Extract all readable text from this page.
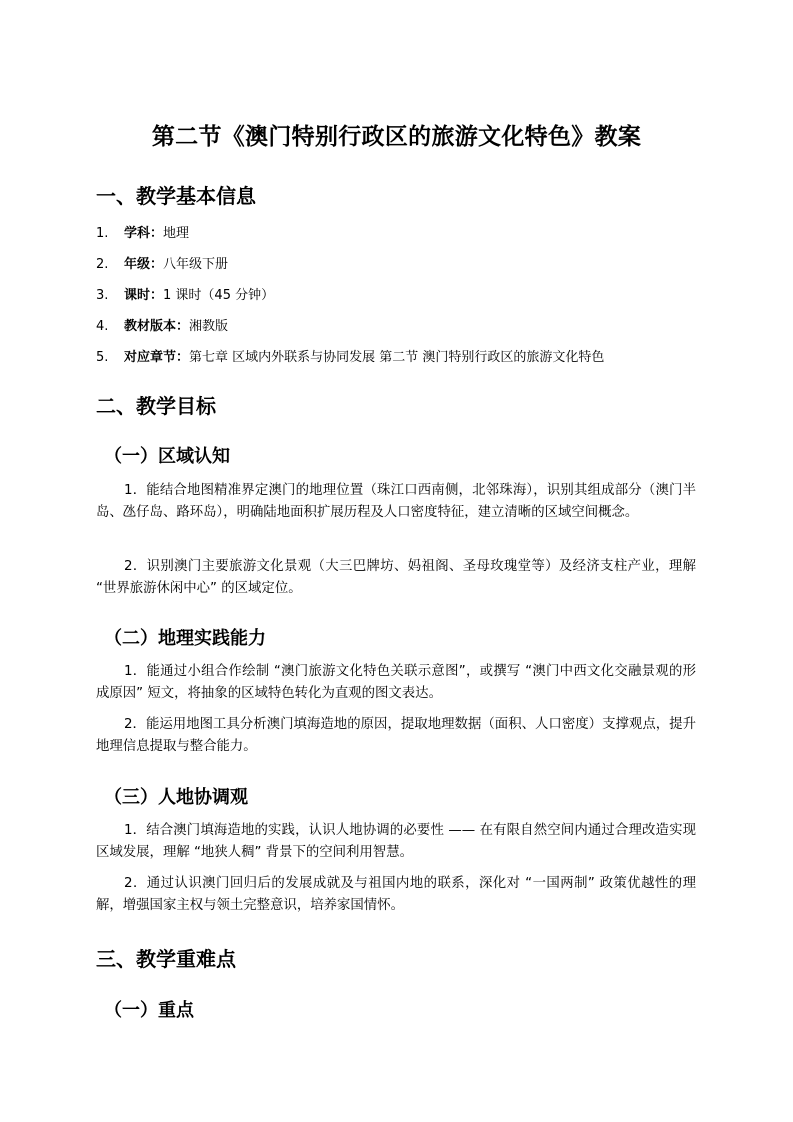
第二节《澳门特别行政区的旅游文化特色》教案
一、教学基本信息
1. 学科：地理
2. 年级：八年级下册
3. 课时：1 课时（45 分钟）
4. 教材版本：湘教版
5. 对应章节：第七章 区域内外联系与协同发展 第二节 澳门特别行政区的旅游文化特色
二、教学目标
（一）区域认知
1．能结合地图精准界定澳门的地理位置（珠江口西南侧，北邻珠海），识别其组成部分（澳门半岛、氹仔岛、路环岛），明确陆地面积扩展历程及人口密度特征，建立清晰的区域空间概念。
2．识别澳门主要旅游文化景观（大三巴牌坊、妈祖阁、圣母玫瑰堂等）及经济支柱产业，理解 “世界旅游休闲中心” 的区域定位。
（二）地理实践能力
1．能通过小组合作绘制 “澳门旅游文化特色关联示意图”，或撰写 “澳门中西文化交融景观的形成原因” 短文，将抽象的区域特色转化为直观的图文表达。
2．能运用地图工具分析澳门填海造地的原因，提取地理数据（面积、人口密度）支撑观点，提升地理信息提取与整合能力。
（三）人地协调观
1．结合澳门填海造地的实践，认识人地协调的必要性 —— 在有限自然空间内通过合理改造实现区域发展，理解 “地狭人稠” 背景下的空间利用智慧。
2．通过认识澳门回归后的发展成就及与祖国内地的联系，深化对 “一国两制” 政策优越性的理解，增强国家主权与领土完整意识，培养家国情怀。
三、教学重难点
（一）重点
